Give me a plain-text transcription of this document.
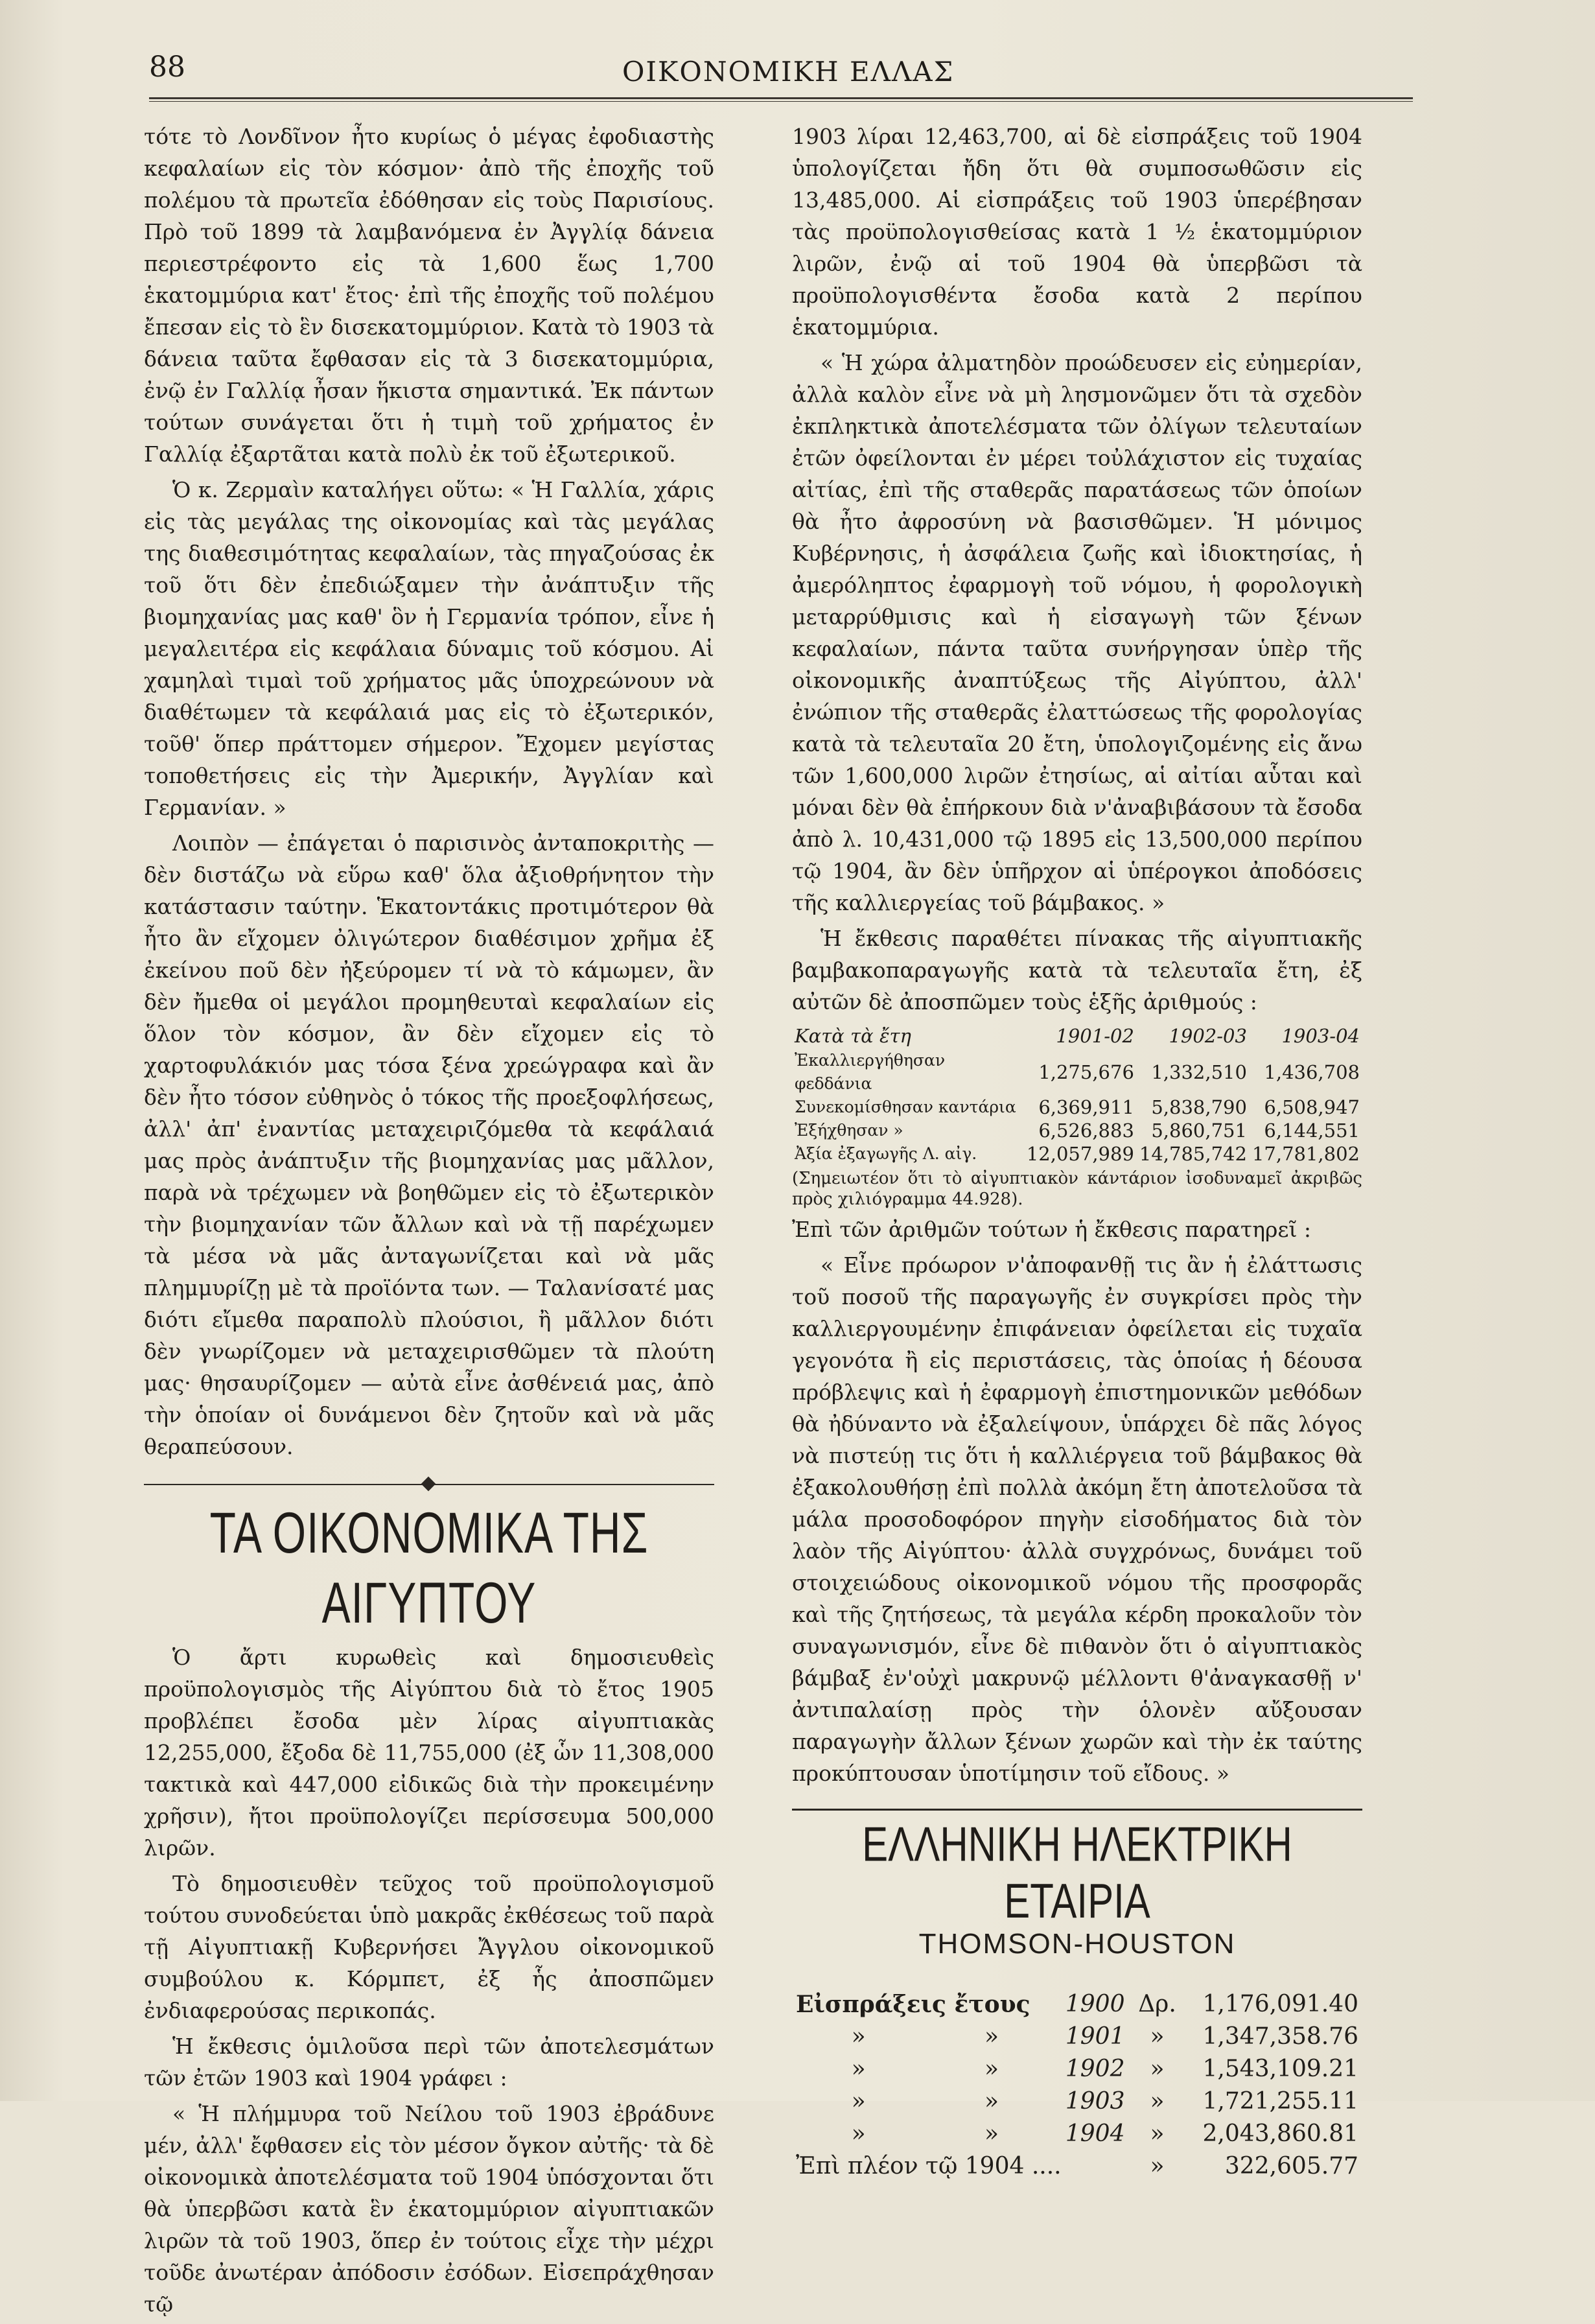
88	ΟΙΚΟΝΟΜΙΚΗ ΕΛΛΑΣ

τότε τὸ Λονδῖνον ἦτο κυρίως ὁ μέγας ἐφοδιαστὴς κεφαλαίων εἰς τὸν κόσμον· ἀπὸ τῆς ἐποχῆς τοῦ πολέμου τὰ πρωτεῖα ἐδόθησαν εἰς τοὺς Παρισίους. Πρὸ τοῦ 1899 τὰ λαμβανόμενα ἐν Ἀγγλίᾳ δάνεια περιεστρέφοντο εἰς τὰ 1,600 ἕως 1,700 ἑκατομμύρια κατ' ἔτος· ἐπὶ τῆς ἐποχῆς τοῦ πολέμου ἔπεσαν εἰς τὸ ἓν δισεκατομμύριον. Κατὰ τὸ 1903 τὰ δάνεια ταῦτα ἔφθασαν εἰς τὰ 3 δισεκατομμύρια, ἐνῷ ἐν Γαλλίᾳ ἦσαν ἥκιστα σημαντικά. Ἐκ πάντων τούτων συνάγεται ὅτι ἡ τιμὴ τοῦ χρήματος ἐν Γαλλίᾳ ἐξαρτᾶται κατὰ πολὺ ἐκ τοῦ ἐξωτερικοῦ.

Ὁ κ. Ζερμαὶν καταλήγει οὕτω: « Ἡ Γαλλία, χάρις εἰς τὰς μεγάλας της οἰκονομίας καὶ τὰς μεγάλας της διαθεσιμότητας κεφαλαίων, τὰς πηγαζούσας ἐκ τοῦ ὅτι δὲν ἐπεδιώξαμεν τὴν ἀνάπτυξιν τῆς βιομηχανίας μας καθ' ὃν ἡ Γερμανία τρόπον, εἶνε ἡ μεγαλειτέρα εἰς κεφάλαια δύναμις τοῦ κόσμου. Αἱ χαμηλαὶ τιμαὶ τοῦ χρήματος μᾶς ὑποχρεώνουν νὰ διαθέτωμεν τὰ κεφάλαιά μας εἰς τὸ ἐξωτερικόν, τοῦθ' ὅπερ πράττομεν σήμερον. Ἔχομεν μεγίστας τοποθετήσεις εἰς τὴν Ἀμερικήν, Ἀγγλίαν καὶ Γερμανίαν. »

Λοιπὸν — ἐπάγεται ὁ παρισινὸς ἀνταποκριτὴς — δὲν διστάζω νὰ εὕρω καθ' ὅλα ἀξιοθρήνητον τὴν κατάστασιν ταύτην. Ἑκατοντάκις προτιμότερον θὰ ἦτο ἂν εἴχομεν ὀλιγώτερον διαθέσιμον χρῆμα ἐξ ἐκείνου ποῦ δὲν ἠξεύρομεν τί νὰ τὸ κάμωμεν, ἂν δὲν ἤμεθα οἱ μεγάλοι προμηθευταὶ κεφαλαίων εἰς ὅλον τὸν κόσμον, ἂν δὲν εἴχομεν εἰς τὸ χαρτοφυλάκιόν μας τόσα ξένα χρεώγραφα καὶ ἂν δὲν ἦτο τόσον εὐθηνὸς ὁ τόκος τῆς προεξοφλήσεως, ἀλλ' ἀπ' ἐναντίας μεταχειριζόμεθα τὰ κεφάλαιά μας πρὸς ἀνάπτυξιν τῆς βιομηχανίας μας μᾶλλον, παρὰ νὰ τρέχωμεν νὰ βοηθῶμεν εἰς τὸ ἐξωτερικὸν τὴν βιομηχανίαν τῶν ἄλλων καὶ νὰ τῇ παρέχωμεν τὰ μέσα νὰ μᾶς ἀνταγωνίζεται καὶ νὰ μᾶς πλημμυρίζῃ μὲ τὰ προϊόντα των. — Ταλανίσατέ μας διότι εἴμεθα παραπολὺ πλούσιοι, ἢ μᾶλλον διότι δὲν γνωρίζομεν νὰ μεταχειρισθῶμεν τὰ πλούτη μας· θησαυρίζομεν — αὐτὰ εἶνε ἀσθένειά μας, ἀπὸ τὴν ὁποίαν οἱ δυνάμενοι δὲν ζητοῦν καὶ νὰ μᾶς θεραπεύσουν.

ΤΑ ΟΙΚΟΝΟΜΙΚΑ ΤΗΣ ΑΙΓΥΠΤΟΥ

Ὁ ἄρτι κυρωθεὶς καὶ δημοσιευθεὶς προϋπολογισμὸς τῆς Αἰγύπτου διὰ τὸ ἔτος 1905 προβλέπει ἔσοδα μὲν λίρας αἰγυπτιακὰς 12,255,000, ἔξοδα δὲ 11,755,000 (ἐξ ὧν 11,308,000 τακτικὰ καὶ 447,000 εἰδικῶς διὰ τὴν προκειμένην χρῆσιν), ἤτοι προϋπολογίζει περίσσευμα 500,000 λιρῶν.

Τὸ δημοσιευθὲν τεῦχος τοῦ προϋπολογισμοῦ τούτου συνοδεύεται ὑπὸ μακρᾶς ἐκθέσεως τοῦ παρὰ τῇ Αἰγυπτιακῇ Κυβερνήσει Ἄγγλου οἰκονομικοῦ συμβούλου κ. Κόρμπετ, ἐξ ἧς ἀποσπῶμεν ἐνδιαφερούσας περικοπάς.

Ἡ ἔκθεσις ὁμιλοῦσα περὶ τῶν ἀποτελεσμάτων τῶν ἐτῶν 1903 καὶ 1904 γράφει :

« Ἡ πλήμμυρα τοῦ Νείλου τοῦ 1903 ἐβράδυνε μέν, ἀλλ' ἔφθασεν εἰς τὸν μέσον ὄγκον αὐτῆς· τὰ δὲ οἰκονομικὰ ἀποτελέσματα τοῦ 1904 ὑπόσχονται ὅτι θὰ ὑπερβῶσι κατὰ ἓν ἑκατομμύριον αἰγυπτιακῶν λιρῶν τὰ τοῦ 1903, ὅπερ ἐν τούτοις εἶχε τὴν μέχρι τοῦδε ἀνωτέραν ἀπόδοσιν ἐσόδων. Εἰσεπράχθησαν τῷ

1903 λίραι 12,463,700, αἱ δὲ εἰσπράξεις τοῦ 1904 ὑπολογίζεται ἤδη ὅτι θὰ συμποσωθῶσιν εἰς 13,485,000. Αἱ εἰσπράξεις τοῦ 1903 ὑπερέβησαν τὰς προϋπολογισθείσας κατὰ 1 ½ ἑκατομμύριον λιρῶν, ἐνῷ αἱ τοῦ 1904 θὰ ὑπερβῶσι τὰ προϋπολογισθέντα ἔσοδα κατὰ 2 περίπου ἑκατομμύρια.

« Ἡ χώρα ἀλματηδὸν προώδευσεν εἰς εὐημερίαν, ἀλλὰ καλὸν εἶνε νὰ μὴ λησμονῶμεν ὅτι τὰ σχεδὸν ἐκπληκτικὰ ἀποτελέσματα τῶν ὀλίγων τελευταίων ἐτῶν ὀφείλονται ἐν μέρει τοὐλάχιστον εἰς τυχαίας αἰτίας, ἐπὶ τῆς σταθερᾶς παρατάσεως τῶν ὁποίων θὰ ἦτο ἀφροσύνη νὰ βασισθῶμεν. Ἡ μόνιμος Κυβέρνησις, ἡ ἀσφάλεια ζωῆς καὶ ἰδιοκτησίας, ἡ ἀμερόληπτος ἐφαρμογὴ τοῦ νόμου, ἡ φορολογικὴ μεταρρύθμισις καὶ ἡ εἰσαγωγὴ τῶν ξένων κεφαλαίων, πάντα ταῦτα συνήργησαν ὑπὲρ τῆς οἰκονομικῆς ἀναπτύξεως τῆς Αἰγύπτου, ἀλλ' ἐνώπιον τῆς σταθερᾶς ἐλαττώσεως τῆς φορολογίας κατὰ τὰ τελευταῖα 20 ἔτη, ὑπολογιζομένης εἰς ἄνω τῶν 1,600,000 λιρῶν ἐτησίως, αἱ αἰτίαι αὗται καὶ μόναι δὲν θὰ ἐπήρκουν διὰ ν'ἀναβιβάσουν τὰ ἔσοδα ἀπὸ λ. 10,431,000 τῷ 1895 εἰς 13,500,000 περίπου τῷ 1904, ἂν δὲν ὑπῆρχον αἱ ὑπέρογκοι ἀποδόσεις τῆς καλλιεργείας τοῦ βάμβακος. »

Ἡ ἔκθεσις παραθέτει πίνακας τῆς αἰγυπτιακῆς βαμβακοπαραγωγῆς κατὰ τὰ τελευταῖα ἔτη, ἐξ αὐτῶν δὲ ἀποσπῶμεν τοὺς ἑξῆς ἀριθμούς :

Κατὰ τὰ ἔτη	1901-02	1902-03	1903-04
Ἐκαλλιεργήθησαν φεδδάνια	1,275,676	1,332,510	1,436,708
Συνεκομίσθησαν καντάρια	6,369,911	5,838,790	6,508,947
Ἐξήχθησαν »	6,526,883	5,860,751	6,144,551
Ἀξία ἐξαγωγῆς Λ. αἰγ.	12,057,989	14,785,742	17,781,802

(Σημειωτέον ὅτι τὸ αἰγυπτιακὸν κάντάριον ἰσοδυναμεῖ ἀκριβῶς πρὸς χιλιόγραμμα 44.928).

Ἐπὶ τῶν ἀριθμῶν τούτων ἡ ἔκθεσις παρατηρεῖ :

« Εἶνε πρόωρον ν'ἀποφανθῇ τις ἂν ἡ ἐλάττωσις τοῦ ποσοῦ τῆς παραγωγῆς ἐν συγκρίσει πρὸς τὴν καλλιεργουμένην ἐπιφάνειαν ὀφείλεται εἰς τυχαῖα γεγονότα ἢ εἰς περιστάσεις, τὰς ὁποίας ἡ δέουσα πρόβλεψις καὶ ἡ ἐφαρμογὴ ἐπιστημονικῶν μεθόδων θὰ ἠδύναντο νὰ ἐξαλείψουν, ὑπάρχει δὲ πᾶς λόγος νὰ πιστεύῃ τις ὅτι ἡ καλλιέργεια τοῦ βάμβακος θὰ ἐξακολουθήσῃ ἐπὶ πολλὰ ἀκόμη ἔτη ἀποτελοῦσα τὰ μάλα προσοδοφόρον πηγὴν εἰσοδήματος διὰ τὸν λαὸν τῆς Αἰγύπτου· ἀλλὰ συγχρόνως, δυνάμει τοῦ στοιχειώδους οἰκονομικοῦ νόμου τῆς προσφορᾶς καὶ τῆς ζητήσεως, τὰ μεγάλα κέρδη προκαλοῦν τὸν συναγωνισμόν, εἶνε δὲ πιθανὸν ὅτι ὁ αἰγυπτιακὸς βάμβαξ ἐν'οὐχὶ μακρυνῷ μέλλοντι θ'ἀναγκασθῇ ν' ἀντιπαλαίσῃ πρὸς τὴν ὁλονὲν αὔξουσαν παραγωγὴν ἄλλων ξένων χωρῶν καὶ τὴν ἐκ ταύτης προκύπτουσαν ὑποτίμησιν τοῦ εἴδους. »

ΕΛΛΗΝΙΚΗ ΗΛΕΚΤΡΙΚΗ ΕΤΑΙΡΙΑ
THOMSON-HOUSTON
Εἰσπράξεις ἔτους		1900	Δρ.	1,176,091.40
»	»	1901	»	1,347,358.76
»	»	1902	»	1,543,109.21
»	»	1903	»	1,721,255.11
»	»	1904	»	2,043,860.81
Ἐπὶ πλέον τῷ 1904 ....			»	322,605.77
